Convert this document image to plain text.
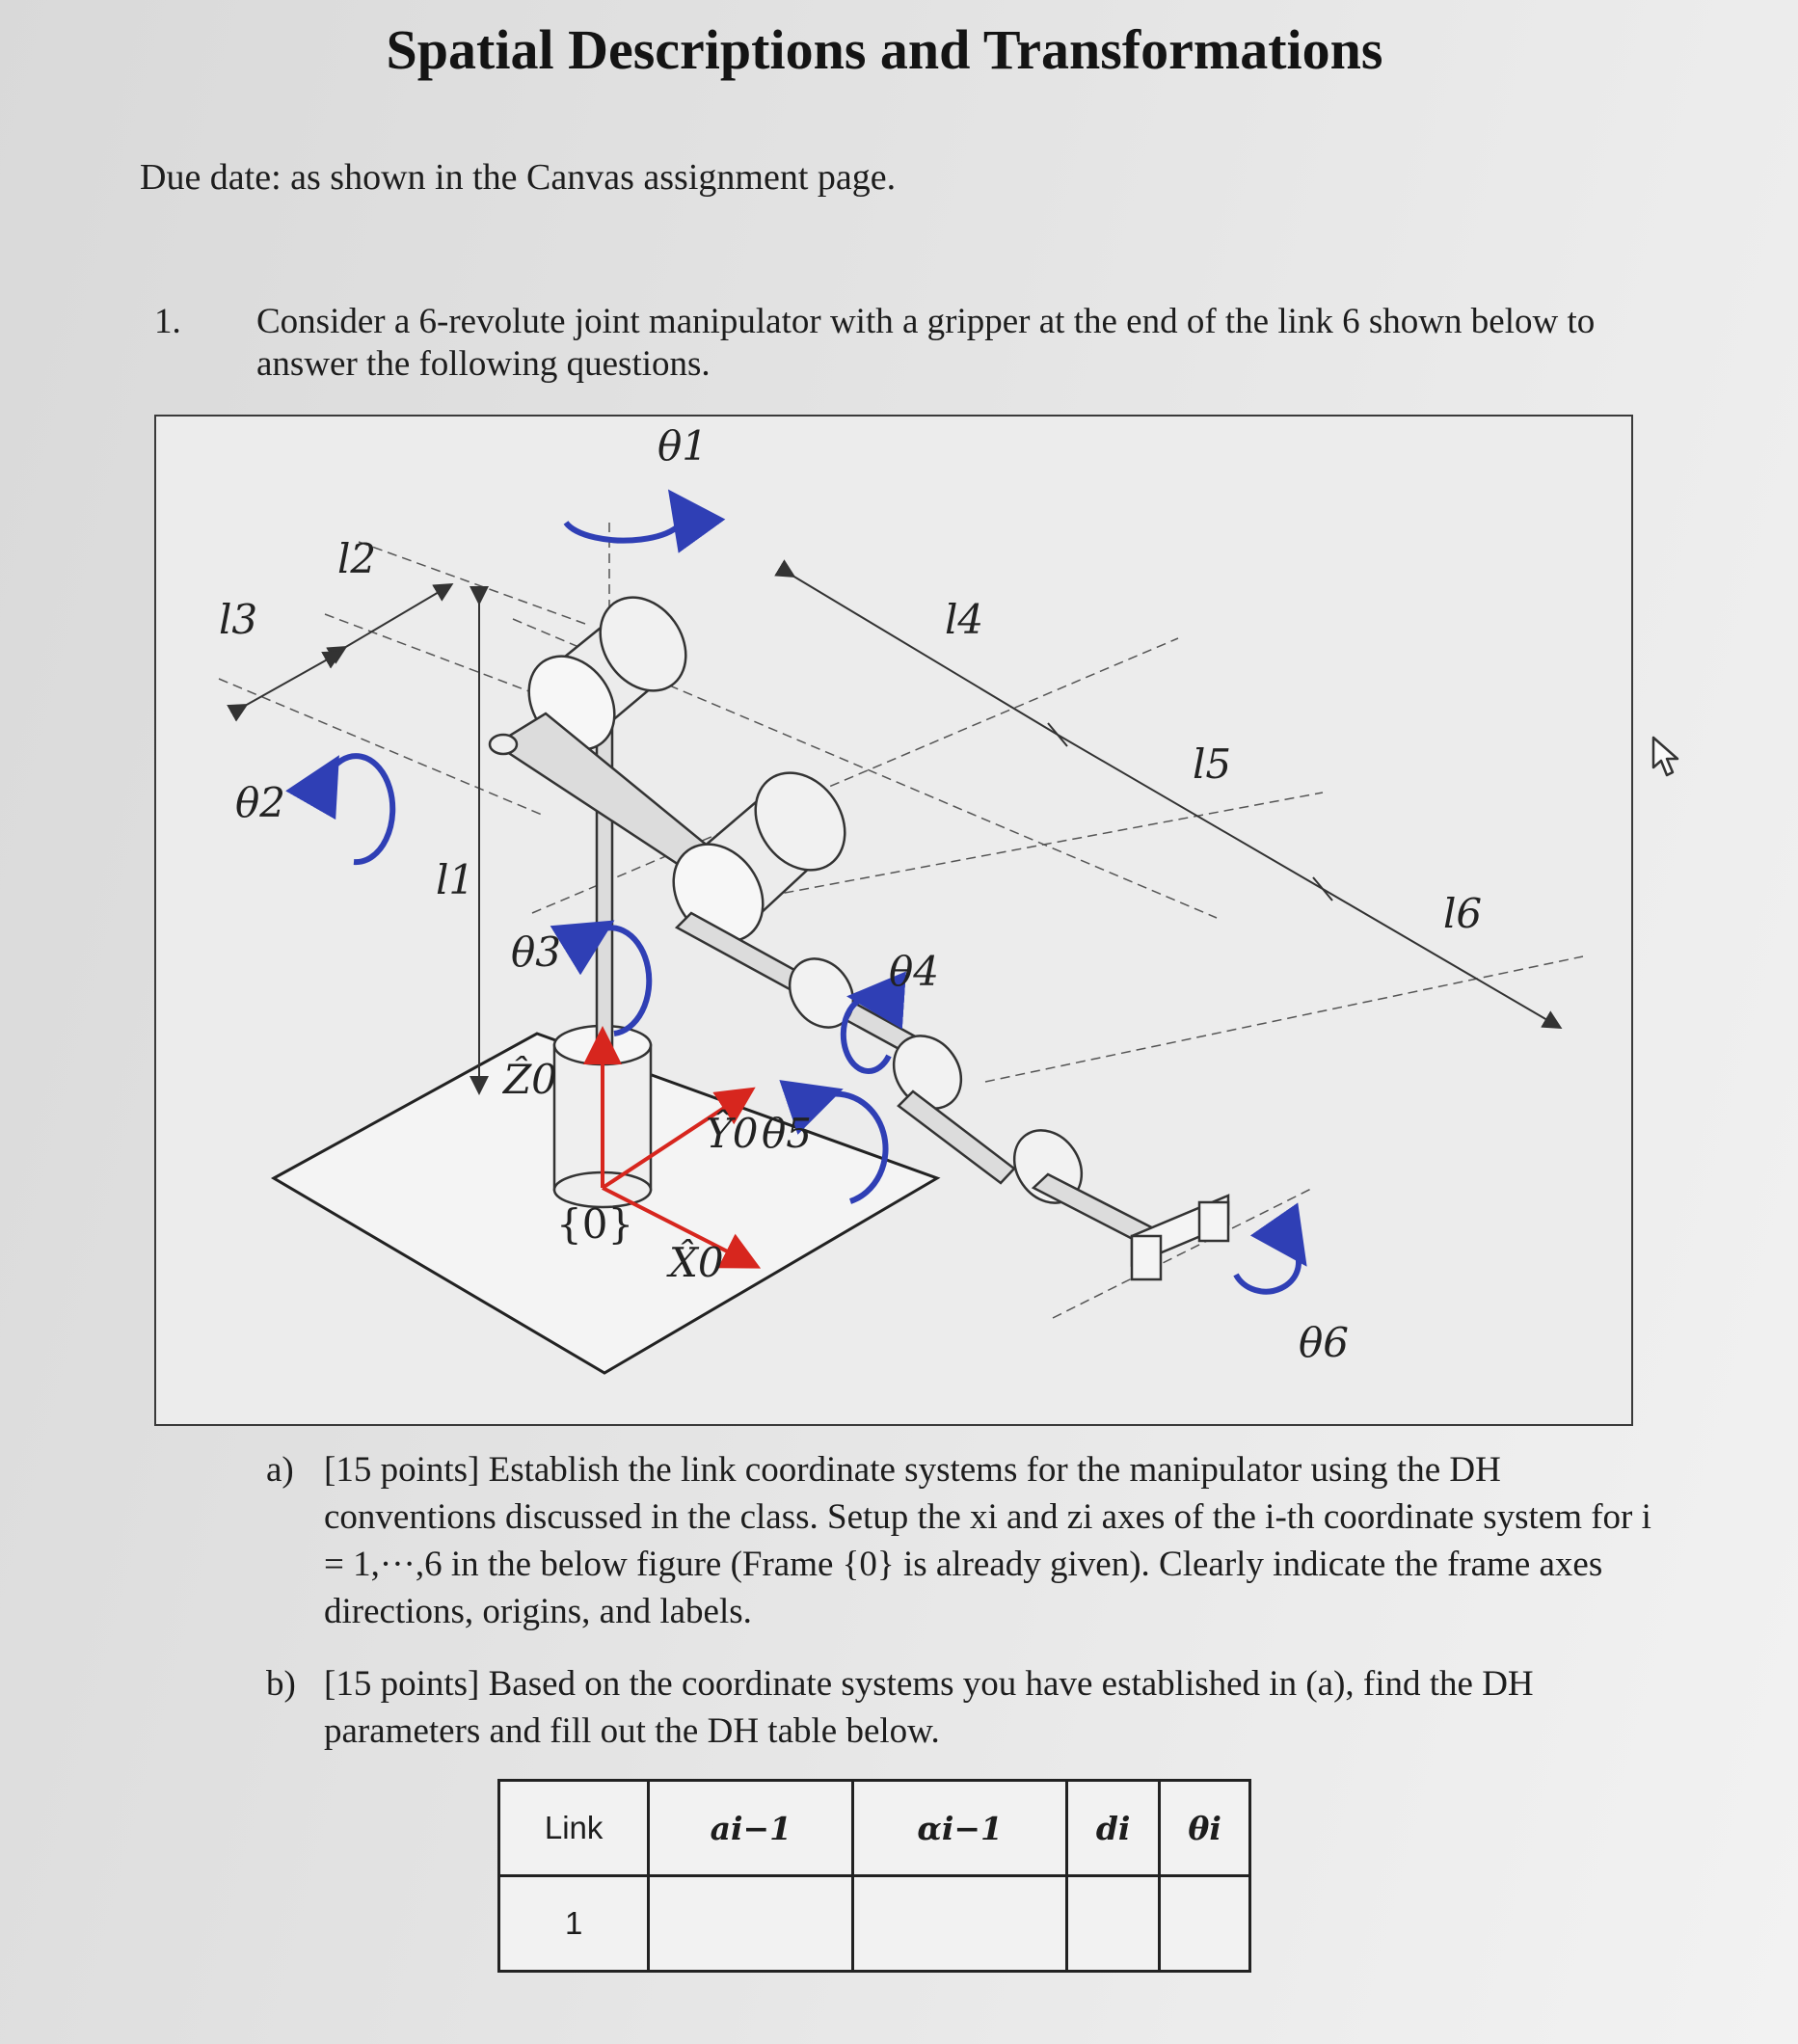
Spatial Descriptions and Transformations
Due date: as shown in the Canvas assignment page.
1. Consider a 6-revolute joint manipulator with a gripper at the end of the link 6 shown below to answer the following questions.
θ1
l2
l3
θ2
l1
θ3
Ẑ0
{0}
Ŷ0 θ5
X̂0
θ4
l4
l5
l6
θ6
a) [15 points] Establish the link coordinate systems for the manipulator using the DH conventions discussed in the class. Setup the xi and zi axes of the i-th coordinate system for i = 1,···,6 in the below figure (Frame {0} is already given). Clearly indicate the frame axes directions, origins, and labels.
b) [15 points] Based on the coordinate systems you have established in (a), find the DH parameters and fill out the DH table below.
Link	ai−1	αi−1	di	θi
1				
